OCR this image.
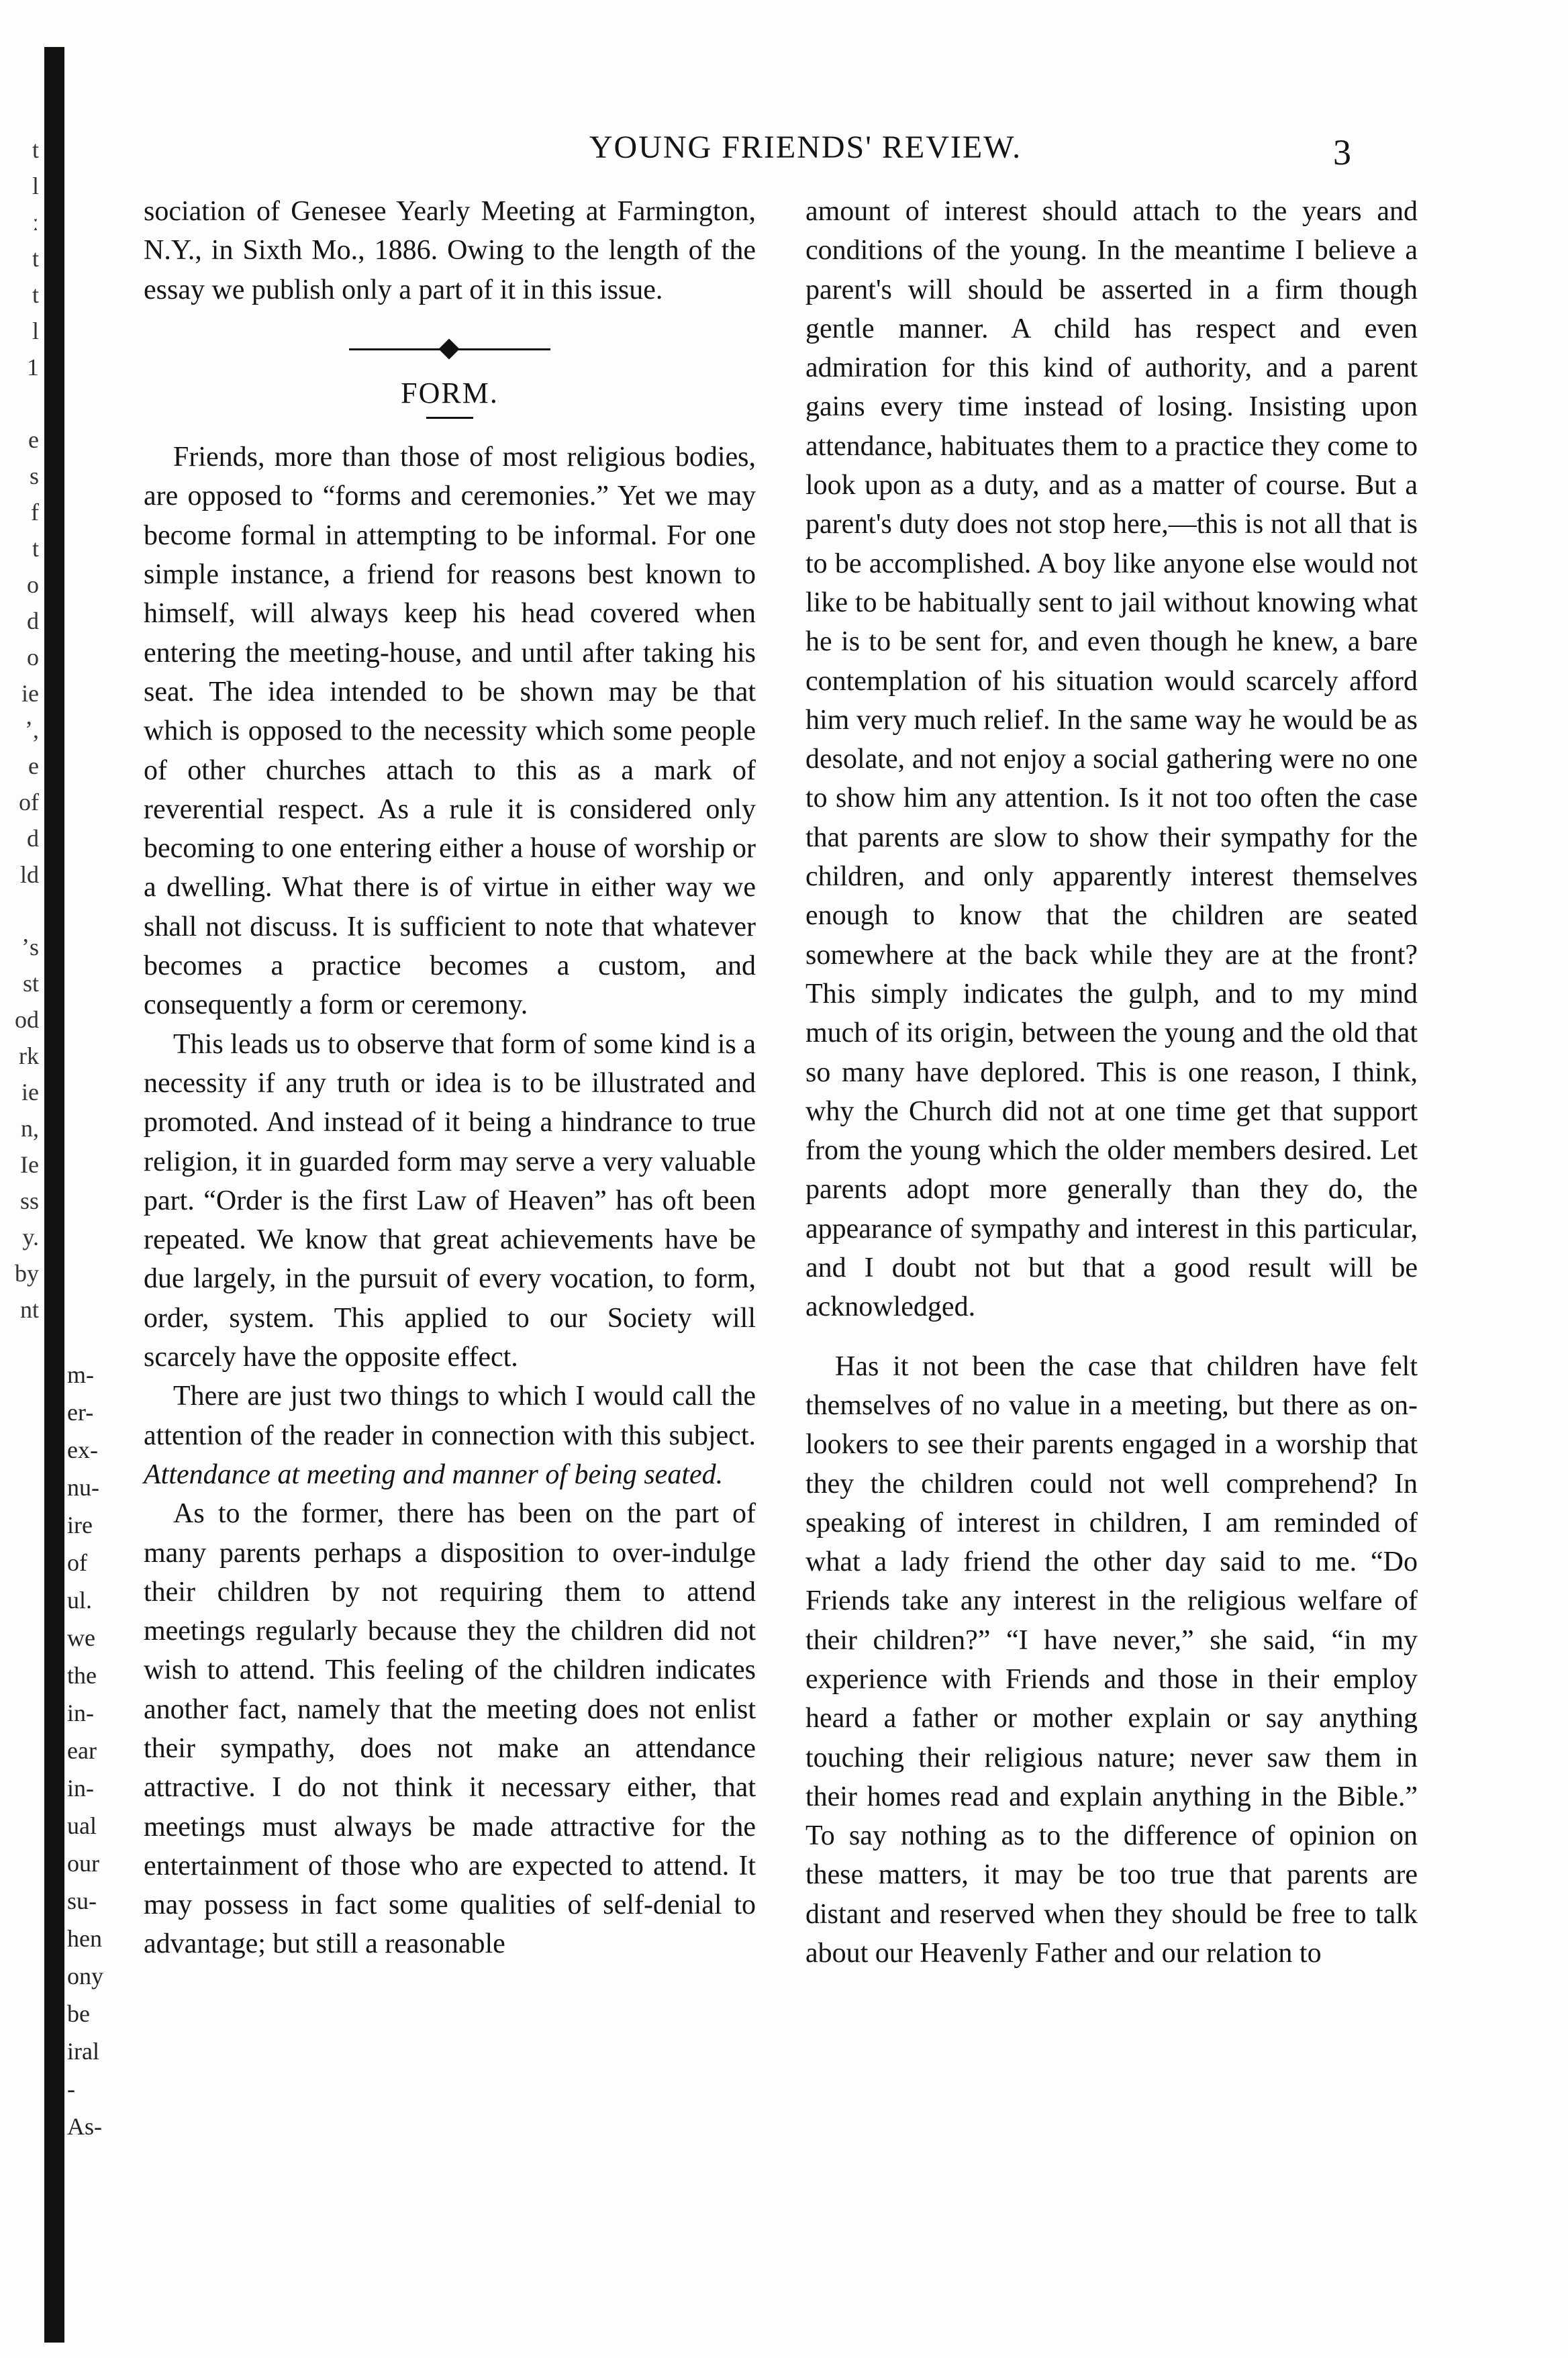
t
l
ː
t
t
l
1
e
s
f
t
o
d
o
ie
ʼ,
e
of
d
ld
ʼs
st
od
rk
ie
n,
Ie
ss
y.
by
nt
m-
er-
ex-
nu-
ire
of
ul.
we
the
in-
ear
in-
ual
our
su-
hen
ony
be
iral
-
As-
YOUNG FRIENDS' REVIEW.	3

sociation of Genesee Yearly Meeting at Farmington, N.Y., in Sixth Mo., 1886. Owing to the length of the essay we publish only a part of it in this issue.

FORM.

Friends, more than those of most religious bodies, are opposed to “forms and ceremonies.” Yet we may become formal in attempting to be informal. For one simple instance, a friend for reasons best known to himself, will always keep his head covered when entering the meeting-house, and until after taking his seat. The idea intended to be shown may be that which is opposed to the necessity which some people of other churches attach to this as a mark of reverential respect. As a rule it is considered only becoming to one entering either a house of worship or a dwelling. What there is of virtue in either way we shall not discuss. It is sufficient to note that whatever becomes a practice becomes a custom, and consequently a form or ceremony.

This leads us to observe that form of some kind is a necessity if any truth or idea is to be illustrated and promoted. And instead of it being a hindrance to true religion, it in guarded form may serve a very valuable part. “Order is the first Law of Heaven” has oft been repeated. We know that great achievements have be due largely, in the pursuit of every vocation, to form, order, system. This applied to our Society will scarcely have the opposite effect.

There are just two things to which I would call the attention of the reader in connection with this subject. Attendance at meeting and manner of being seated.

As to the former, there has been on the part of many parents perhaps a disposition to over-indulge their children by not requiring them to attend meetings regularly because they the children did not wish to attend. This feeling of the children indicates another fact, namely that the meeting does not enlist their sympathy, does not make an attendance attractive. I do not think it necessary either, that meetings must always be made attractive for the entertainment of those who are expected to attend. It may possess in fact some qualities of self-denial to advantage; but still a reasonable

amount of interest should attach to the years and conditions of the young. In the meantime I believe a parent's will should be asserted in a firm though gentle manner. A child has respect and even admiration for this kind of authority, and a parent gains every time instead of losing. Insisting upon attendance, habituates them to a practice they come to look upon as a duty, and as a matter of course. But a parent's duty does not stop here,—this is not all that is to be accomplished. A boy like anyone else would not like to be habitually sent to jail without knowing what he is to be sent for, and even though he knew, a bare contemplation of his situation would scarcely afford him very much relief. In the same way he would be as desolate, and not enjoy a social gathering were no one to show him any attention. Is it not too often the case that parents are slow to show their sympathy for the children, and only apparently interest themselves enough to know that the children are seated somewhere at the back while they are at the front? This simply indicates the gulph, and to my mind much of its origin, between the young and the old that so many have deplored. This is one reason, I think, why the Church did not at one time get that support from the young which the older members desired. Let parents adopt more generally than they do, the appearance of sympathy and interest in this particular, and I doubt not but that a good result will be acknowledged.

Has it not been the case that children have felt themselves of no value in a meeting, but there as on-lookers to see their parents engaged in a worship that they the children could not well comprehend? In speaking of interest in children, I am reminded of what a lady friend the other day said to me. “Do Friends take any interest in the religious welfare of their children?” “I have never,” she said, “in my experience with Friends and those in their employ heard a father or mother explain or say anything touching their religious nature; never saw them in their homes read and explain anything in the Bible.” To say nothing as to the difference of opinion on these matters, it may be too true that parents are distant and reserved when they should be free to talk about our Heavenly Father and our relation to
